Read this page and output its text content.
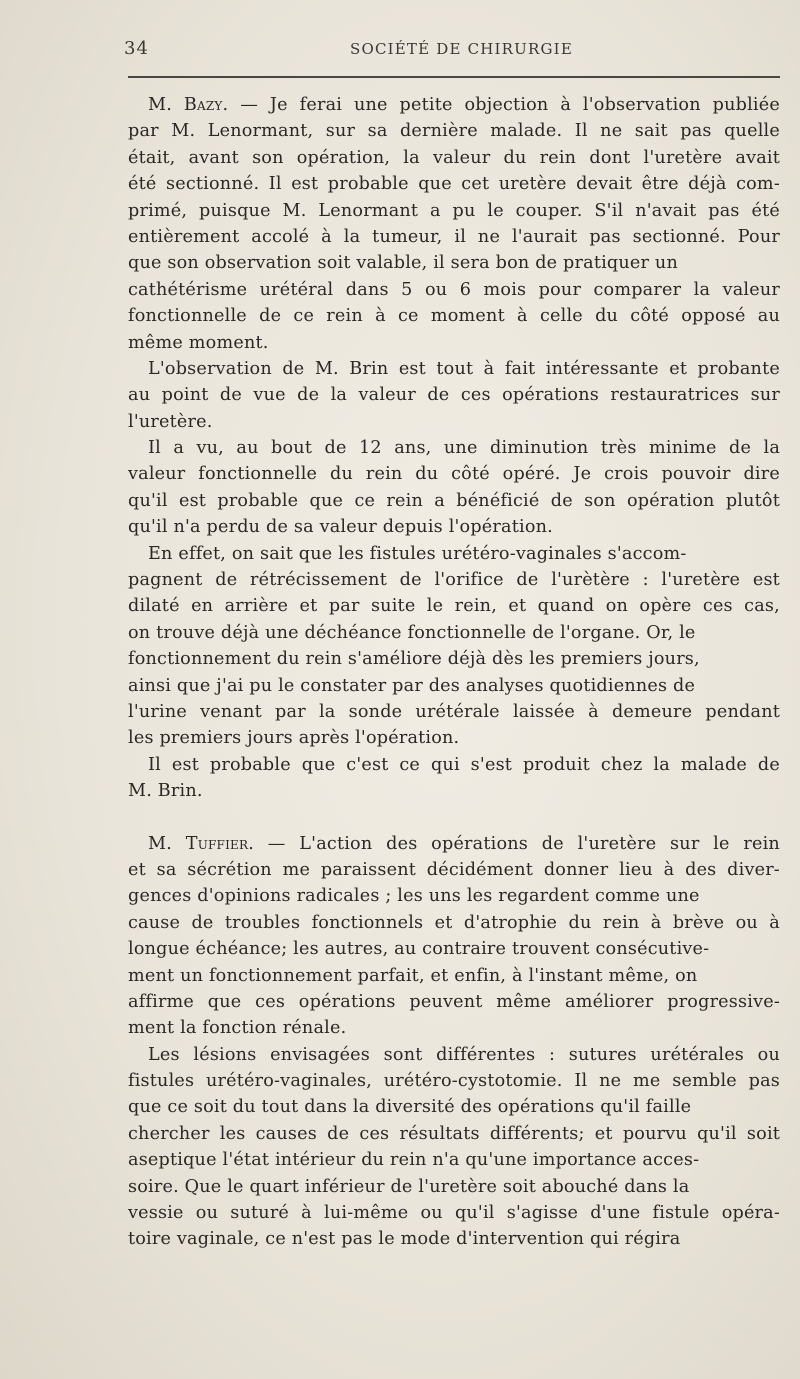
34	SOCIÉTÉ DE CHIRURGIE
M. Bazy. — Je ferai une petite objection à l'observation publiée
par M. Lenormant, sur sa dernière malade. Il ne sait pas quelle
était, avant son opération, la valeur du rein dont l'uretère avait
été sectionné. Il est probable que cet uretère devait être déjà com-
primé, puisque M. Lenormant a pu le couper. S'il n'avait pas été
entièrement accolé à la tumeur, il ne l'aurait pas sectionné. Pour
que son observation soit valable, il sera bon de pratiquer un
cathétérisme urétéral dans 5 ou 6 mois pour comparer la valeur
fonctionnelle de ce rein à ce moment à celle du côté opposé au
même moment.
L'observation de M. Brin est tout à fait intéressante et probante
au point de vue de la valeur de ces opérations restauratrices sur
l'uretère.
Il a vu, au bout de 12 ans, une diminution très minime de la
valeur fonctionnelle du rein du côté opéré. Je crois pouvoir dire
qu'il est probable que ce rein a bénéficié de son opération plutôt
qu'il n'a perdu de sa valeur depuis l'opération.
En effet, on sait que les fistules urétéro-vaginales s'accom-
pagnent de rétrécissement de l'orifice de l'urètère : l'uretère est
dilaté en arrière et par suite le rein, et quand on opère ces cas,
on trouve déjà une déchéance fonctionnelle de l'organe. Or, le
fonctionnement du rein s'améliore déjà dès les premiers jours,
ainsi que j'ai pu le constater par des analyses quotidiennes de
l'urine venant par la sonde urétérale laissée à demeure pendant
les premiers jours après l'opération.
Il est probable que c'est ce qui s'est produit chez la malade de
M. Brin.
M. Tuffier. — L'action des opérations de l'uretère sur le rein
et sa sécrétion me paraissent décidément donner lieu à des diver-
gences d'opinions radicales ; les uns les regardent comme une
cause de troubles fonctionnels et d'atrophie du rein à brève ou à
longue échéance; les autres, au contraire trouvent consécutive-
ment un fonctionnement parfait, et enfin, à l'instant même, on
affirme que ces opérations peuvent même améliorer progressive-
ment la fonction rénale.
Les lésions envisagées sont différentes : sutures urétérales ou
fistules urétéro-vaginales, urétéro-cystotomie. Il ne me semble pas
que ce soit du tout dans la diversité des opérations qu'il faille
chercher les causes de ces résultats différents; et pourvu qu'il soit
aseptique l'état intérieur du rein n'a qu'une importance acces-
soire. Que le quart inférieur de l'uretère soit abouché dans la
vessie ou suturé à lui-même ou qu'il s'agisse d'une fistule opéra-
toire vaginale, ce n'est pas le mode d'intervention qui régira
